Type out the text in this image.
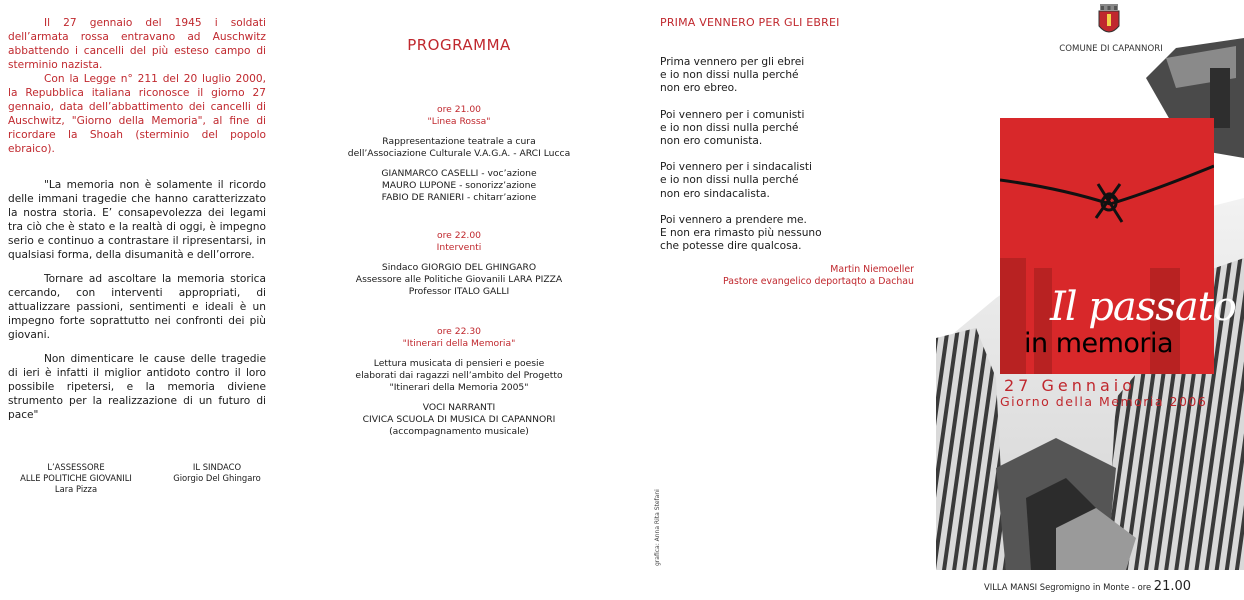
Il 27 gennaio del 1945 i soldati dell’armata rossa entravano ad Auschwitz abbattendo i cancelli del più esteso campo di sterminio nazista.

Con la Legge n° 211 del 20 luglio 2000, la Repubblica italiana riconosce il giorno 27 gennaio, data dell’abbattimento dei cancelli di Auschwitz, "Giorno della Memoria", al fine di ricordare la Shoah (sterminio del popolo ebraico).

"La memoria non è solamente il ricordo delle immani tragedie che hanno caratterizzato la nostra storia. E’ consapevolezza dei legami tra ciò che è stato e la realtà di oggi, è impegno serio e continuo a contrastare il ripresentarsi, in qualsiasi forma, della disumanità e dell’orrore.

Tornare ad ascoltare la memoria storica cercando, con interventi appropriati, di attualizzare passioni, sentimenti e ideali è un impegno forte soprattutto nei confronti dei più giovani.

Non dimenticare le cause delle tragedie di ieri è infatti il miglior antidoto contro il loro possibile ripetersi, e la memoria diviene strumento per la realizzazione di un futuro di pace"

L’ASSESSORE
ALLE POLITICHE GIOVANILI
Lara Pizza
IL SINDACO
Giorgio Del Ghingaro
PROGRAMMA
ore 21.00
"Linea Rossa"
Rappresentazione teatrale a cura
dell’Associazione Culturale V.A.G.A. - ARCI Lucca
GIANMARCO CASELLI - voc’azione
MAURO LUPONE - sonorizz’azione
FABIO DE RANIERI - chitarr’azione
ore 22.00
Interventi
Sindaco GIORGIO DEL GHINGARO
Assessore alle Politiche Giovanili LARA PIZZA
Professor ITALO GALLI
ore 22.30
"Itinerari della Memoria"
Lettura musicata di pensieri e poesie
elaborati dai ragazzi nell’ambito del Progetto
"Itinerari della Memoria 2005"
VOCI NARRANTI
CIVICA SCUOLA DI MUSICA DI CAPANNORI
(accompagnamento musicale)
PRIMA VENNERO PER GLI EBREI

Prima vennero per gli ebrei
e io non dissi nulla perché
non ero ebreo.

Poi vennero per i comunisti
e io non dissi nulla perché
non ero comunista.

Poi vennero per i sindacalisti
e io non dissi nulla perché
non ero sindacalista.

Poi vennero a prendere me.
E non era rimasto più nessuno
che potesse dire qualcosa.

Martin Niemoeller
Pastore evangelico deportaqto a Dachau
grafica: Anna Rita Stefani
COMUNE DI CAPANNORI
Il passato
in memoria
27 Gennaio
Giorno della Memoria 2006
VILLA MANSI Segromigno in Monte - ore 21.00
